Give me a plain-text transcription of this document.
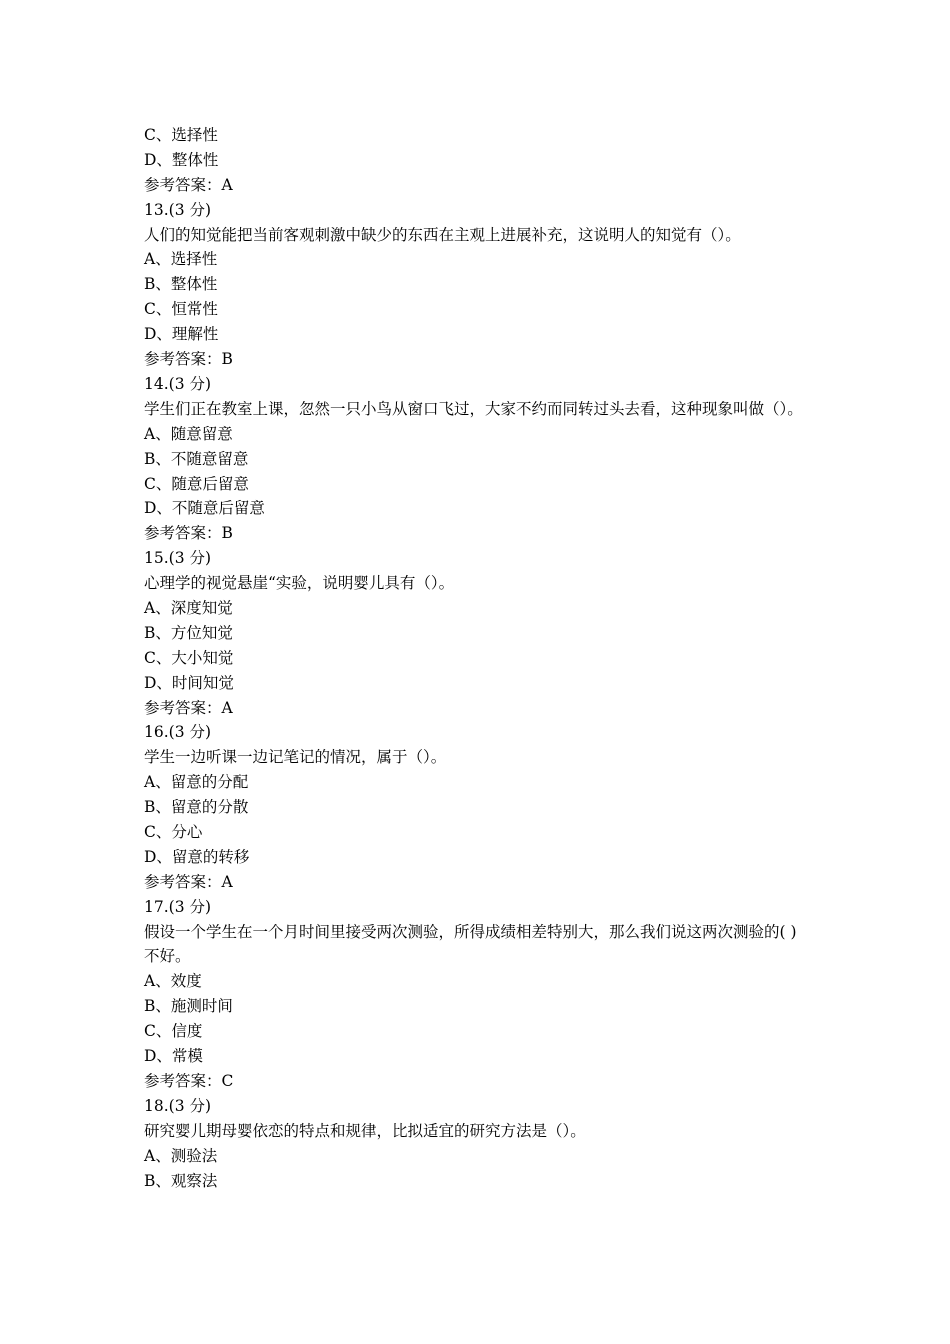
C、选择性
D、整体性
参考答案：A
13.(3 分)
人们的知觉能把当前客观刺激中缺少的东西在主观上进展补充，这说明人的知觉有（）。
A、选择性
B、整体性
C、恒常性
D、理解性
参考答案：B
14.(3 分)
学生们正在教室上课，忽然一只小鸟从窗口飞过，大家不约而同转过头去看，这种现象叫做（）。
A、随意留意
B、不随意留意
C、随意后留意
D、不随意后留意
参考答案：B
15.(3 分)
心理学的视觉悬崖“实验，说明婴儿具有（）。
A、深度知觉
B、方位知觉
C、大小知觉
D、时间知觉
参考答案：A
16.(3 分)
学生一边听课一边记笔记的情况，属于（）。
A、留意的分配
B、留意的分散
C、分心
D、留意的转移
参考答案：A
17.(3 分)
假设一个学生在一个月时间里接受两次测验，所得成绩相差特别大，那么我们说这两次测验的( )不好。
A、效度
B、施测时间
C、信度
D、常模
参考答案：C
18.(3 分)
研究婴儿期母婴依恋的特点和规律，比拟适宜的研究方法是（）。
A、测验法
B、观察法
